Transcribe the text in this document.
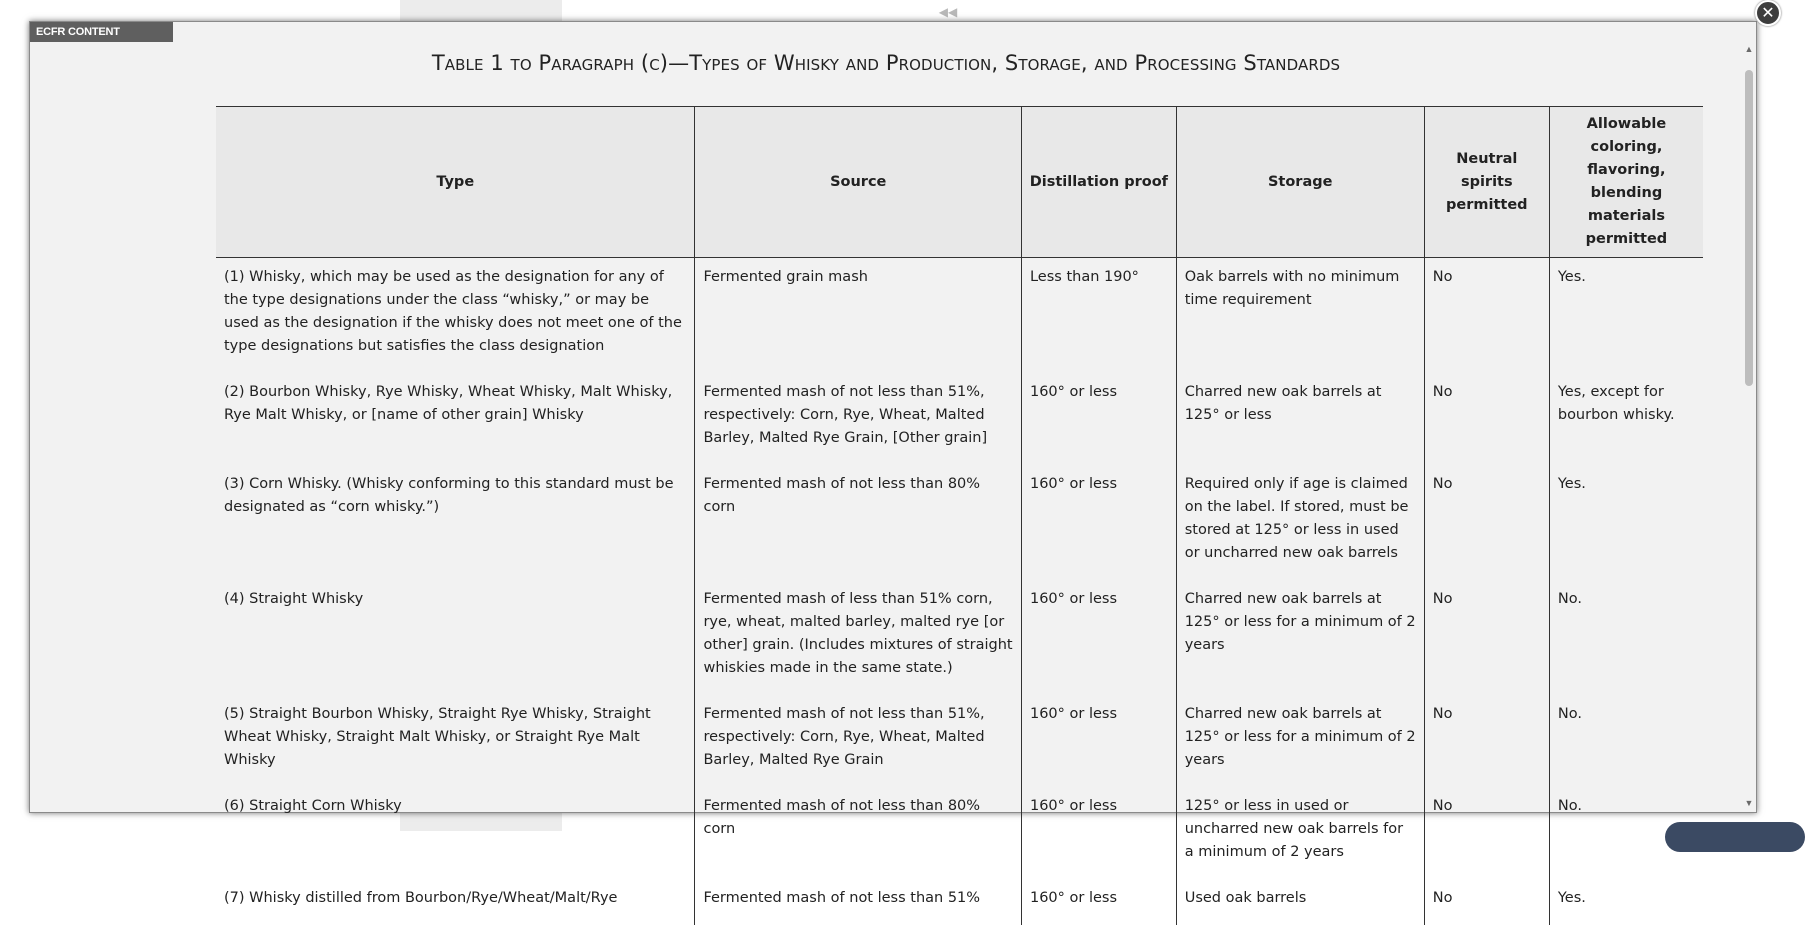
◀◀
Table 1 to Paragraph (c)—Types of Whisky and Production, Storage, and Processing Standards
Type	Source	Distillation proof	Storage	Neutral spirits permitted	Allowable coloring, flavoring, blending materials permitted
(1) Whisky, which may be used as the designation for any of the type designations under the class “whisky,” or may be used as the designation if the whisky does not meet one of the type designations but satisfies the class designation	Fermented grain mash	Less than 190°	Oak barrels with no minimum time requirement	No	Yes.
(2) Bourbon Whisky, Rye Whisky, Wheat Whisky, Malt Whisky, Rye Malt Whisky, or [name of other grain] Whisky	Fermented mash of not less than 51%, respectively: Corn, Rye, Wheat, Malted Barley, Malted Rye Grain, [Other grain]	160° or less	Charred new oak barrels at 125° or less	No	Yes, except for bourbon whisky.
(3) Corn Whisky. (Whisky conforming to this standard must be designated as “corn whisky.”)	Fermented mash of not less than 80% corn	160° or less	Required only if age is claimed on the label. If stored, must be stored at 125° or less in used or uncharred new oak barrels	No	Yes.
(4) Straight Whisky	Fermented mash of less than 51% corn, rye, wheat, malted barley, malted rye [or other] grain. (Includes mixtures of straight whiskies made in the same state.)	160° or less	Charred new oak barrels at 125° or less for a minimum of 2 years	No	No.
(5) Straight Bourbon Whisky, Straight Rye Whisky, Straight Wheat Whisky, Straight Malt Whisky, or Straight Rye Malt Whisky	Fermented mash of not less than 51%, respectively: Corn, Rye, Wheat, Malted Barley, Malted Rye Grain	160° or less	Charred new oak barrels at 125° or less for a minimum of 2 years	No	No.
(6) Straight Corn Whisky	Fermented mash of not less than 80% corn	160° or less	125° or less in used or uncharred new oak barrels for a minimum of 2 years	No	No.
(7) Whisky distilled from Bourbon/Rye/Wheat/Malt/Rye	Fermented mash of not less than 51%	160° or less	Used oak barrels	No	Yes.
ECFR CONTENT
▲
▼
✕
